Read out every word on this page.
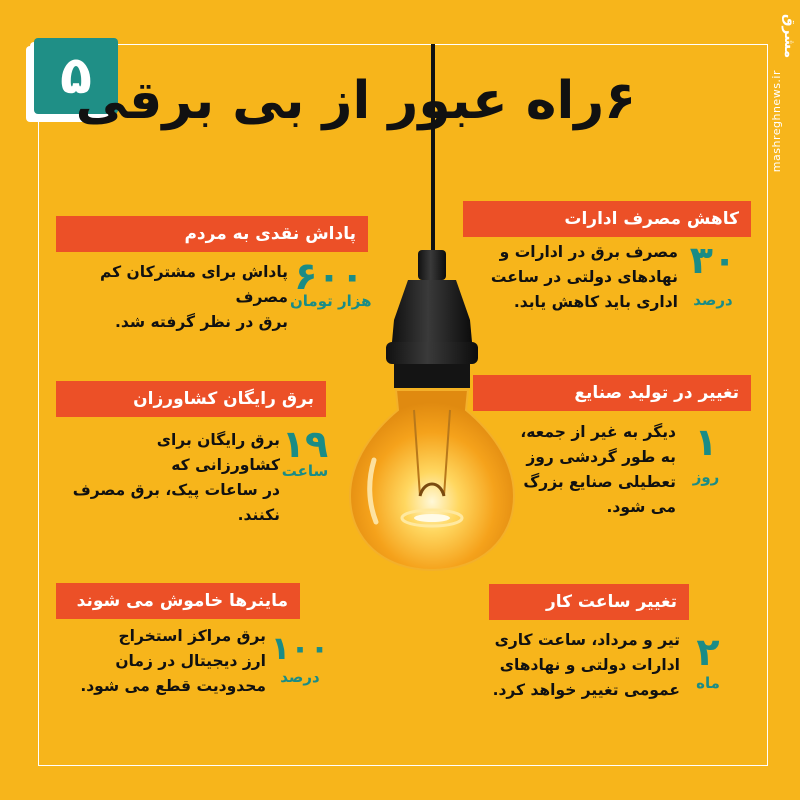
۵
مشرق
mashreghnews.ir
۶راه عبور از بی برقی
کاهش مصرف ادارات
مصرف برق در ادارات و
نهادهای دولتی در ساعت
اداری باید کاهش یابد.
۳۰
درصد
پاداش نقدی به مردم
پاداش برای مشترکان کم مصرف
برق در نظر گرفته شد.
۶۰۰
هزار تومان
برق رایگان کشاورزان
برق رایگان برای کشاورزانی که
در ساعات پیک، برق مصرف
نکنند.
۱۹
ساعت
تغییر در تولید صنایع
دیگر به غیر از جمعه،
به طور گردشی روز
تعطیلی صنایع بزرگ
می شود.
۱
روز
ماینرها خاموش می شوند
برق مراکز استخراج
ارز دیجیتال در زمان
محدودیت قطع می شود.
۱۰۰
درصد
تغییر ساعت کار
تیر و مرداد، ساعت کاری
ادارات دولتی و نهادهای
عمومی تغییر خواهد کرد.
۲
ماه
